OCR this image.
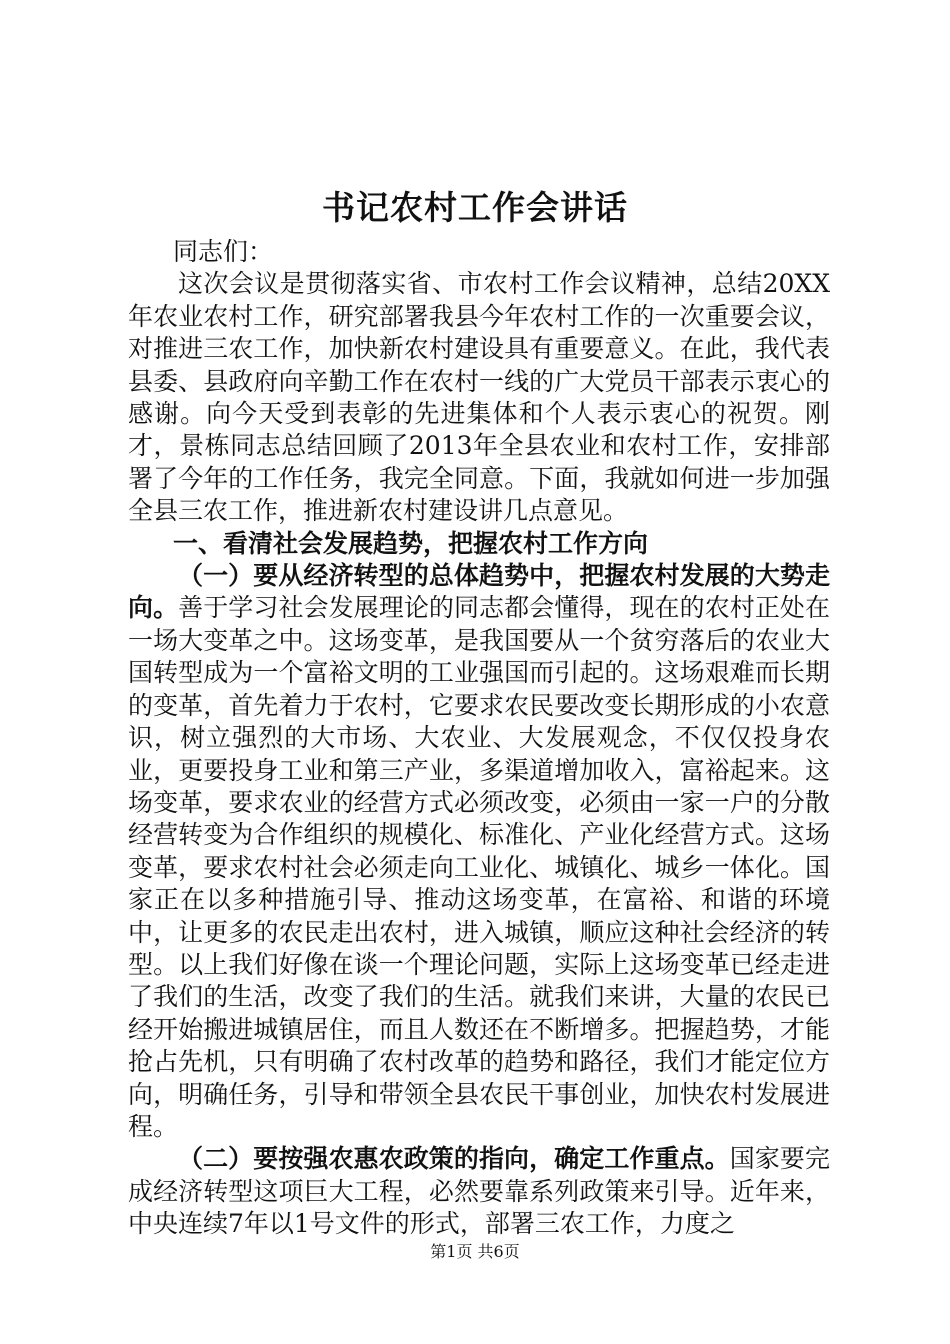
书记农村工作会讲话

同志们：

这次会议是贯彻落实省、市农村工作会议精神，总结20XX年农业农村工作，研究部署我县今年农村工作的一次重要会议，对推进三农工作，加快新农村建设具有重要意义。在此，我代表县委、县政府向辛勤工作在农村一线的广大党员干部表示衷心的感谢。向今天受到表彰的先进集体和个人表示衷心的祝贺。刚才，景栋同志总结回顾了2013年全县农业和农村工作，安排部署了今年的工作任务，我完全同意。下面，我就如何进一步加强全县三农工作，推进新农村建设讲几点意见。

一、看清社会发展趋势，把握农村工作方向

（一）要从经济转型的总体趋势中，把握农村发展的大势走向。善于学习社会发展理论的同志都会懂得，现在的农村正处在一场大变革之中。这场变革，是我国要从一个贫穷落后的农业大国转型成为一个富裕文明的工业强国而引起的。这场艰难而长期的变革，首先着力于农村，它要求农民要改变长期形成的小农意识，树立强烈的大市场、大农业、大发展观念，不仅仅投身农业，更要投身工业和第三产业，多渠道增加收入，富裕起来。这场变革，要求农业的经营方式必须改变，必须由一家一户的分散经营转变为合作组织的规模化、标准化、产业化经营方式。这场变革，要求农村社会必须走向工业化、城镇化、城乡一体化。国家正在以多种措施引导、推动这场变革，在富裕、和谐的环境中，让更多的农民走出农村，进入城镇，顺应这种社会经济的转型。以上我们好像在谈一个理论问题，实际上这场变革已经走进了我们的生活，改变了我们的生活。就我们来讲，大量的农民已经开始搬进城镇居住，而且人数还在不断增多。把握趋势，才能抢占先机，只有明确了农村改革的趋势和路径，我们才能定位方向，明确任务，引导和带领全县农民干事创业，加快农村发展进程。

（二）要按强农惠农政策的指向，确定工作重点。国家要完成经济转型这项巨大工程，必然要靠系列政策来引导。近年来，中央连续7年以1号文件的形式，部署三农工作，力度之

第1页 共6页
